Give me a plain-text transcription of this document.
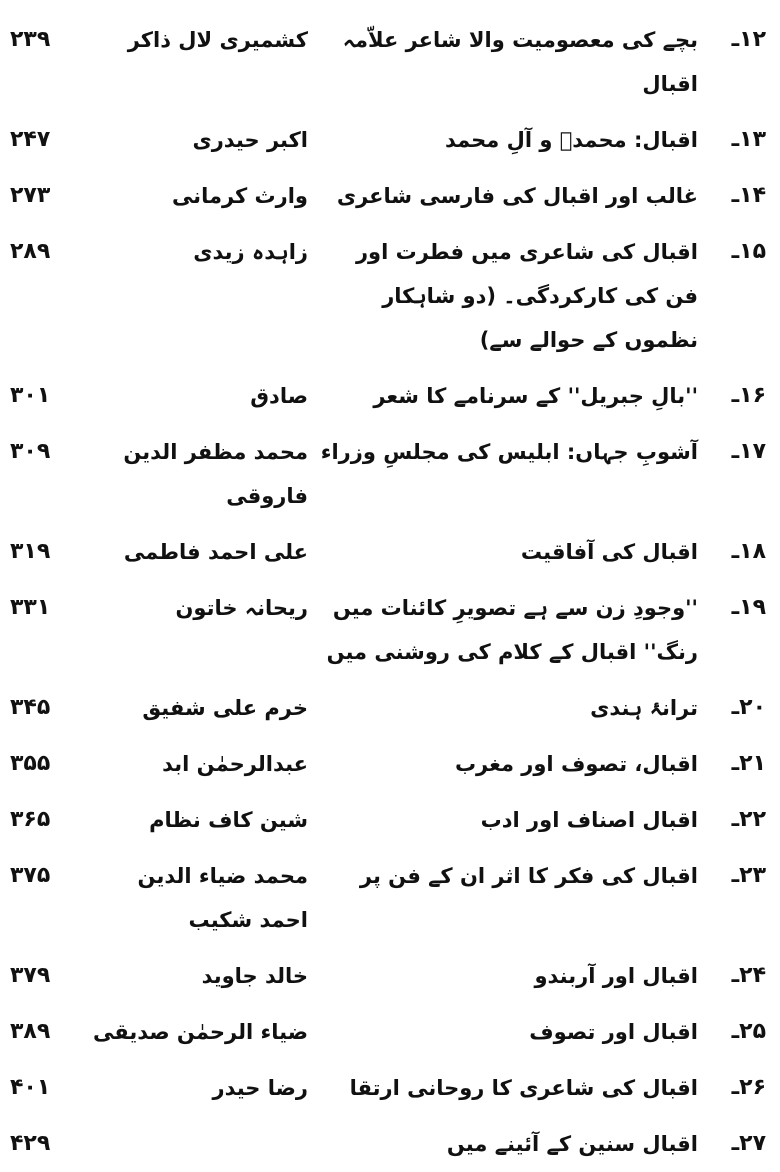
۱۲ـ
بچے کی معصومیت والا شاعر علاّمہ اقبال
کشمیری لال ذاکر
۲۳۹
۱۳ـ
اقبال: محمدؐ و آلِ محمد
اکبر حیدری
۲۴۷
۱۴ـ
غالب اور اقبال کی فارسی شاعری
وارث کرمانی
۲۷۳
۱۵ـ
اقبال کی شاعری میں فطرت اور فن کی کارکردگی۔ (دو شاہکار نظموں کے حوالے سے)
زاہدہ زیدی
۲۸۹
۱۶ـ
''بالِ جبریل'' کے سرنامے کا شعر
صادق
۳۰۱
۱۷ـ
آشوبِ جہاں: ابلیس کی مجلسِ وزراء
محمد مظفر الدین فاروقی
۳۰۹
۱۸ـ
اقبال کی آفاقیت
علی احمد فاطمی
۳۱۹
۱۹ـ
''وجودِ زن سے ہے تصویرِ کائنات میں رنگ'' اقبال کے کلام کی روشنی میں
ریحانہ خاتون
۳۳۱
۲۰ـ
ترانۂ ہندی
خرم علی شفیق
۳۴۵
۲۱ـ
اقبال، تصوف اور مغرب
عبدالرحمٰن ابد
۳۵۵
۲۲ـ
اقبال اصناف اور ادب
شین کاف نظام
۳۶۵
۲۳ـ
اقبال کی فکر کا اثر ان کے فن پر
محمد ضیاء الدین احمد شکیب
۳۷۵
۲۴ـ
اقبال اور آربندو
خالد جاوید
۳۷۹
۲۵ـ
اقبال اور تصوف
ضیاء الرحمٰن صدیقی
۳۸۹
۲۶ـ
اقبال کی شاعری کا روحانی ارتقا
رضا حیدر
۴۰۱
۲۷ـ
اقبال سنین کے آئینے میں
۴۲۹
